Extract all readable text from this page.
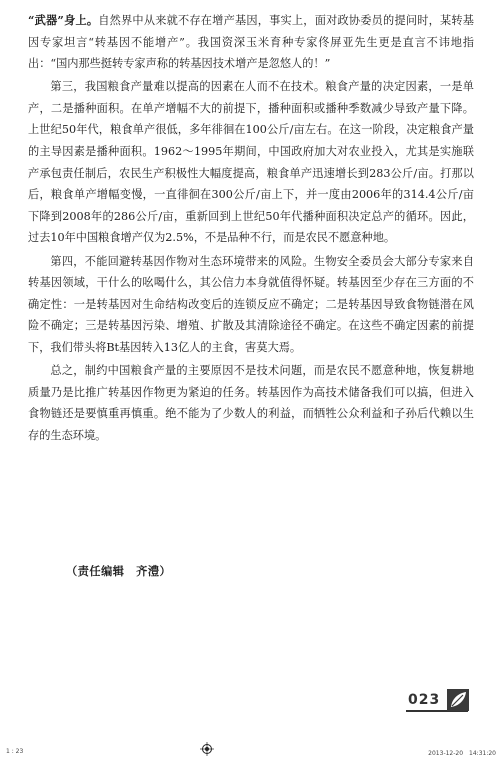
“武器”身上。自然界中从来就不存在增产基因，事实上，面对政协委员的提问时，某转基因专家坦言“转基因不能增产”。我国资深玉米育种专家佟屏亚先生更是直言不讳地指出：“国内那些挺转专家声称的转基因技术增产是忽悠人的！”

第三，我国粮食产量难以提高的因素在人而不在技术。粮食产量的决定因素，一是单产，二是播种面积。在单产增幅不大的前提下，播种面积或播种季数减少导致产量下降。上世纪50年代，粮食单产很低，多年徘徊在100公斤/亩左右。在这一阶段，决定粮食产量的主导因素是播种面积。1962～1995年期间，中国政府加大对农业投入，尤其是实施联产承包责任制后，农民生产积极性大幅度提高，粮食单产迅速增长到283公斤/亩。打那以后，粮食单产增幅变慢，一直徘徊在300公斤/亩上下，并一度由2006年的314.4公斤/亩下降到2008年的286公斤/亩，重新回到上世纪50年代播种面积决定总产的循环。因此，过去10年中国粮食增产仅为2.5%，不是品种不行，而是农民不愿意种地。

第四，不能回避转基因作物对生态环境带来的风险。生物安全委员会大部分专家来自转基因领域，干什么的吆喝什么，其公信力本身就值得怀疑。转基因至少存在三方面的不确定性：一是转基因对生命结构改变后的连锁反应不确定；二是转基因导致食物链潜在风险不确定；三是转基因污染、增殖、扩散及其清除途径不确定。在这些不确定因素的前提下，我们带头将Bt基因转入13亿人的主食，害莫大焉。

总之，制约中国粮食产量的主要原因不是技术问题，而是农民不愿意种地，恢复耕地质量乃是比推广转基因作物更为紧迫的任务。转基因作为高技术储备我们可以搞，但进入食物链还是要慎重再慎重。绝不能为了少数人的利益，而牺牲公众利益和子孙后代赖以生存的生态环境。

（责任编辑　齐澧）
023
1 : 23	2013-12-20　14:31:20
